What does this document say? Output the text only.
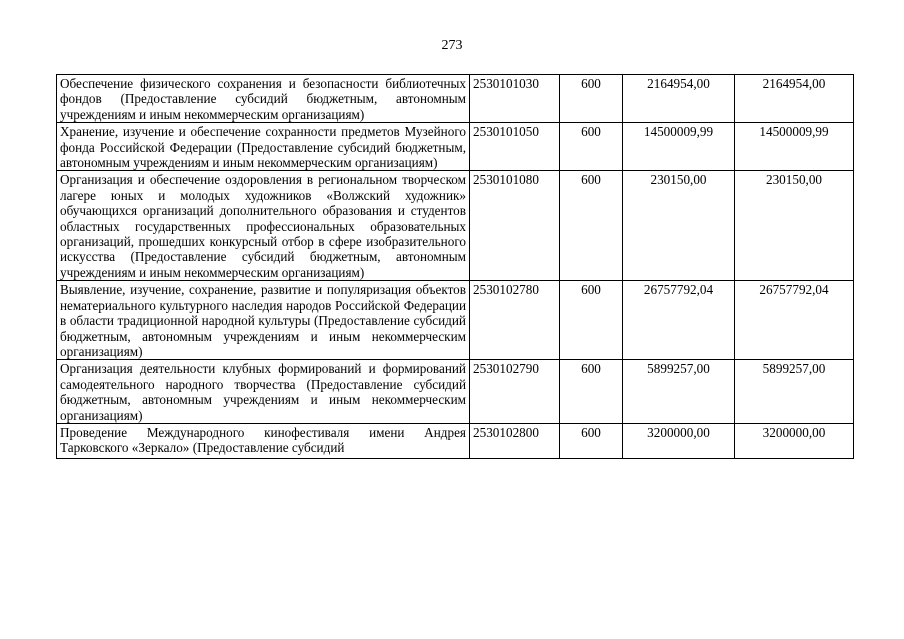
273
Обеспечение физического сохранения и безопасности библиотечных фондов (Предоставление субсидий бюджетным, автономным учреждениям и иным некоммерческим организациям)	2530101030	600	2164954,00	2164954,00
Хранение, изучение и обеспечение сохранности предметов Музейного фонда Российской Федерации (Предоставление субсидий бюджетным, автономным учреждениям и иным некоммерческим организациям)	2530101050	600	14500009,99	14500009,99
Организация и обеспечение оздоровления в региональном творческом лагере юных и молодых художников «Волжский художник» обучающихся организаций дополнительного образования и студентов областных государственных профессиональных образовательных организаций, прошедших конкурсный отбор в сфере изобразительного искусства (Предоставление субсидий бюджетным, автономным учреждениям и иным некоммерческим организациям)	2530101080	600	230150,00	230150,00
Выявление, изучение, сохранение, развитие и популяризация объектов нематериального культурного наследия народов Российской Федерации в области традиционной народной культуры (Предоставление субсидий бюджетным, автономным учреждениям и иным некоммерческим организациям)	2530102780	600	26757792,04	26757792,04
Организация деятельности клубных формирований и формирований самодеятельного народного творчества (Предоставление субсидий бюджетным, автономным учреждениям и иным некоммерческим организациям)	2530102790	600	5899257,00	5899257,00

Проведение Международного кинофестиваля имени Андрея Тарковского «Зеркало» (Предоставление субсидий	2530102800	600	3200000,00	3200000,00
